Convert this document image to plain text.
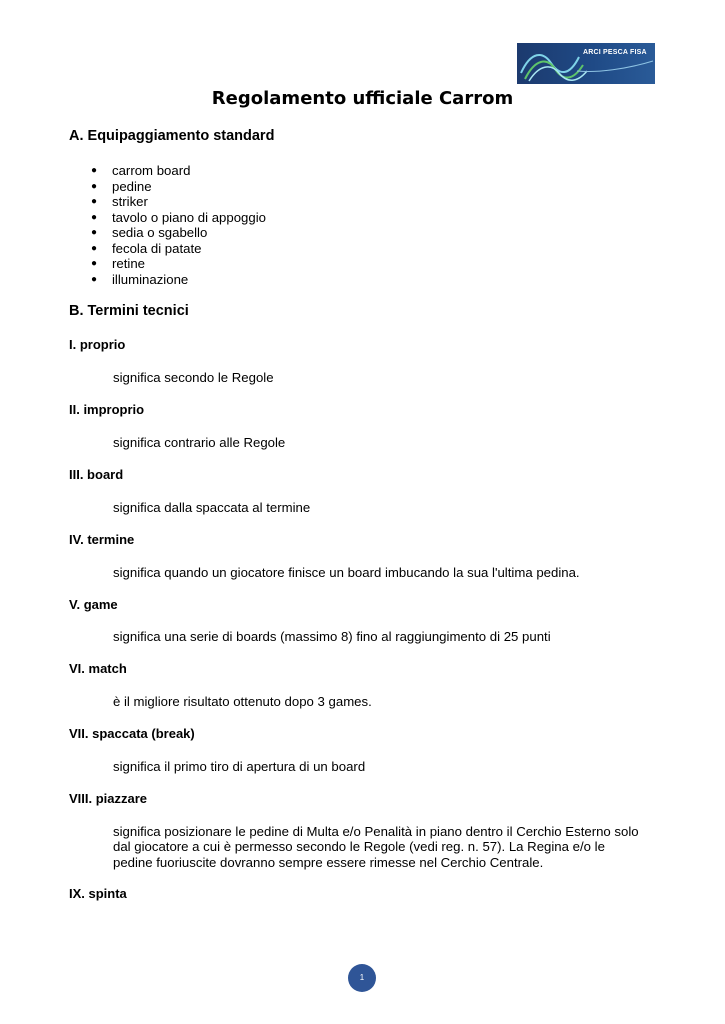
ARCI PESCA FISA
Regolamento ufficiale Carrom
A. Equipaggiamento standard
● carrom board
● pedine
● striker
● tavolo o piano di appoggio
● sedia o sgabello
● fecola di patate
● retine
● illuminazione
B. Termini tecnici
I. proprio
significa secondo le Regole
II. improprio
significa contrario alle Regole
III. board
significa dalla spaccata al termine
IV. termine
significa quando un giocatore finisce un board imbucando la sua l'ultima pedina.
V. game
significa una serie di boards (massimo 8) fino al raggiungimento di 25 punti
VI. match
è il migliore risultato ottenuto dopo 3 games.
VII. spaccata (break)
significa il primo tiro di apertura di un board
VIII. piazzare
significa posizionare le pedine di Multa e/o Penalità in piano dentro il Cerchio Esterno solo
dal giocatore a cui è permesso secondo le Regole (vedi reg. n. 57). La Regina e/o le
pedine fuoriuscite dovranno sempre essere rimesse nel Cerchio Centrale.
IX. spinta
1
